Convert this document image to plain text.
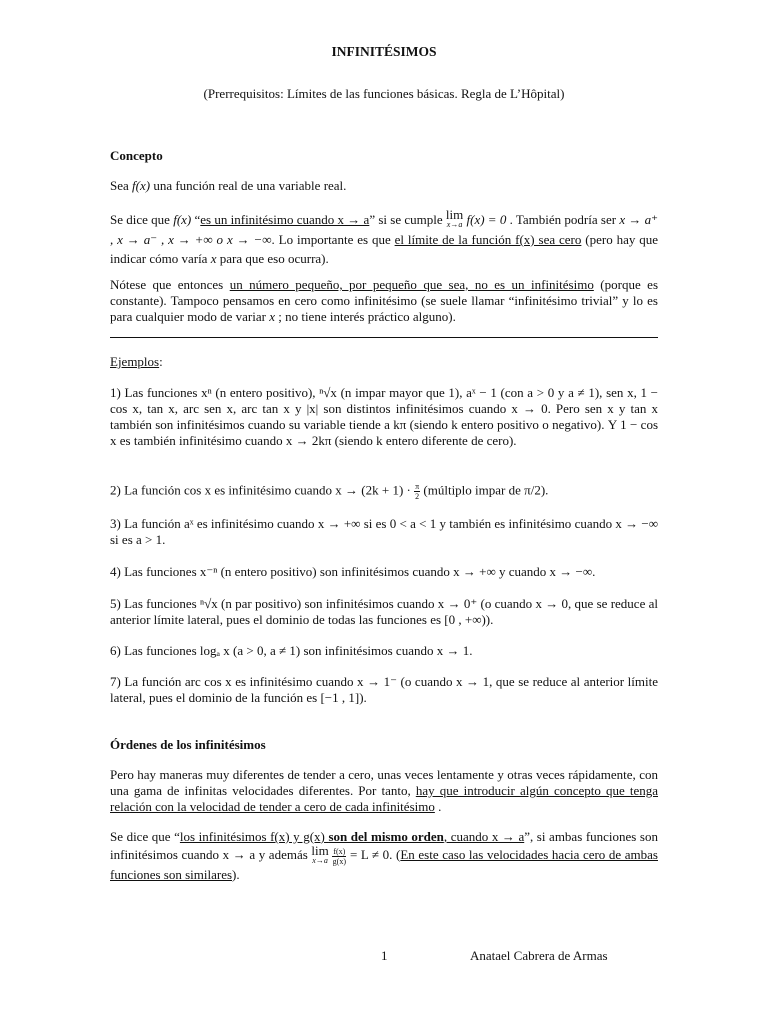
INFINITÉSIMOS
(Prerrequisitos: Límites de las funciones básicas. Regla de L’Hôpital)
Concepto
Sea f(x) una función real de una variable real.
Se dice que f(x) “es un infinitésimo cuando x → a” si se cumple lim
x→a f(x) = 0 . También podría ser x → a⁺ , x → a⁻ , x → +∞ o x → −∞. Lo importante es que el límite de la función f(x) sea cero (pero hay que indicar cómo varía x para que eso ocurra).
Nótese que entonces un número pequeño, por pequeño que sea, no es un infinitésimo (porque es constante). Tampoco pensamos en cero como infinitésimo (se suele llamar “infinitésimo trivial” y lo es para cualquier modo de variar x ; no tiene interés práctico alguno).
Ejemplos:
1) Las funciones xⁿ (n entero positivo), ⁿ√x (n impar mayor que 1), aˣ − 1 (con a > 0 y a ≠ 1), sen x, 1 − cos x, tan x, arc sen x, arc tan x y |x| son distintos infinitésimos cuando x → 0. Pero sen x y tan x también son infinitésimos cuando su variable tiende a kπ (siendo k entero positivo o negativo). Y 1 − cos x es también infinitésimo cuando x → 2kπ (siendo k entero diferente de cero).
2) La función cos x es infinitésimo cuando $x \to (2k + 1) \cdot \frac{\pi}{2}$ (múltiplo impar de π/2).
3) La función aˣ es infinitésimo cuando x → +∞ si es 0 < a < 1 y también es infinitésimo cuando x → −∞ si es a > 1.
4) Las funciones x⁻ⁿ (n entero positivo) son infinitésimos cuando x → +∞ y cuando x → −∞.
5) Las funciones ⁿ√x (n par positivo) son infinitésimos cuando x → 0⁺ (o cuando x → 0, que se reduce al anterior límite lateral, pues el dominio de todas las funciones es [0 , +∞)).
6) Las funciones logₐ x (a > 0, a ≠ 1) son infinitésimos cuando x → 1.
7) La función arc cos x es infinitésimo cuando x → 1⁻ (o cuando x → 1, que se reduce al anterior límite lateral, pues el dominio de la función es [−1 , 1]).
Órdenes de los infinitésimos
Pero hay maneras muy diferentes de tender a cero, unas veces lentamente y otras veces rápidamente, con una gama de infinitas velocidades diferentes. Por tanto, hay que introducir algún concepto que tenga relación con la velocidad de tender a cero de cada infinitésimo .
Se dice que “los infinitésimos f(x) y g(x) son del mismo orden, cuando x → a”, si ambas funciones son infinitésimos cuando x → a y además lim
x→a
$\frac{f(x)}{g(x)} = L \ne 0$. (En este caso las velocidades hacia cero de ambas funciones son similares).
1	Anatael Cabrera de Armas
